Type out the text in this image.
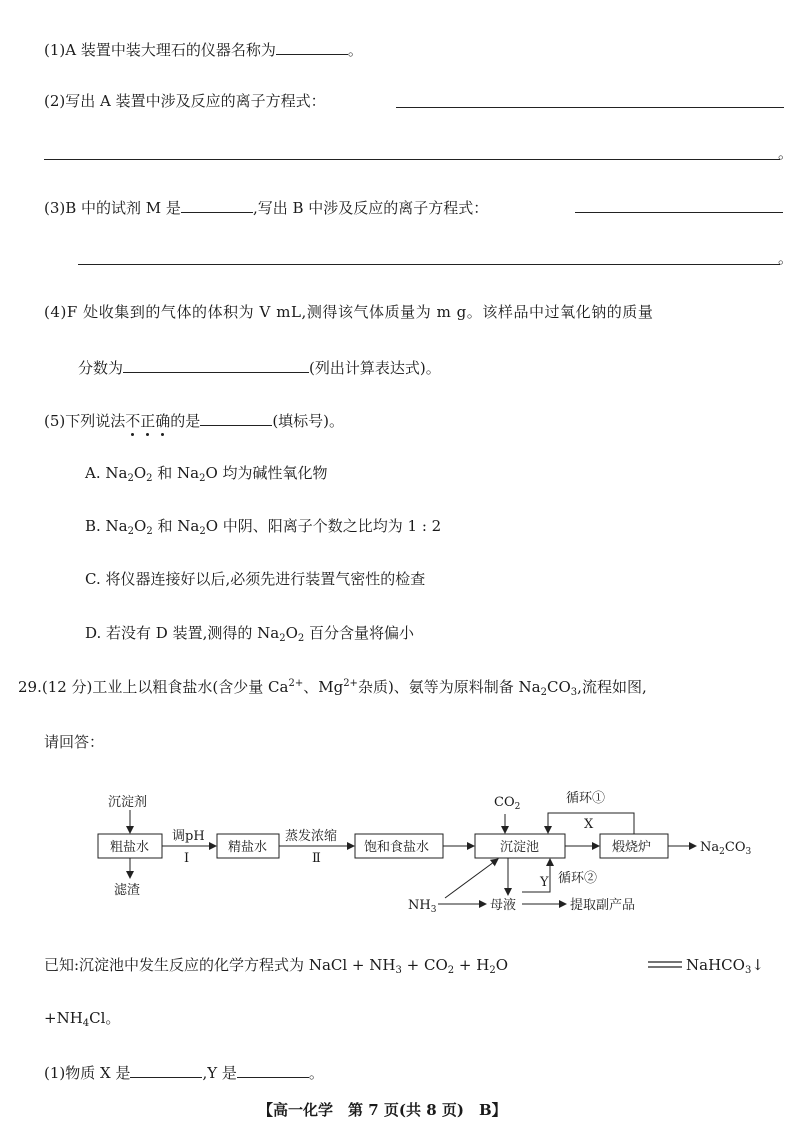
(1)A 装置中装大理石的仪器名称为	。
(2)写出 A 装置中涉及反应的离子方程式：
。
(3)B 中的试剂 M 是	,写出 B 中涉及反应的离子方程式：
。
(4)F 处收集到的气体的体积为 V mL,测得该气体质量为 m g。该样品中过氧化钠的质量
分数为	(列出计算表达式)。
(5)下列说法不正确的是	(填标号)。
A. $Na_2O_2$ 和 $Na_2O$ 均为碱性氧化物
B. $Na_2O_2$ 和 $Na_2O$ 中阴、阳离子个数之比均为 1 : 2
C. 将仪器连接好以后,必须先进行装置气密性的检查
D. 若没有 D 装置,测得的 $Na_2O_2$ 百分含量将偏小
29.(12 分)工业上以粗食盐水(含少量 $Ca^{2+}$、$Mg^{2+}$杂质)、氨等为原料制备 $Na_2CO_3$,流程如图,
请回答：
沉淀剂
粗盐水
滤渣
调pH
Ⅰ
精盐水
蒸发浓缩
Ⅱ
饱和食盐水
$CO_2$
沉淀池
循环①
X
煅烧炉	$Na_2CO_3$
$NH_3$	母液
Y 循环②
提取副产品
已知:沉淀池中发生反应的化学方程式为 NaCl + $NH_3 + CO_2 + H_2O$	NaHCO$_3$↓
$+NH_4Cl$。
(1)物质 X 是	,Y 是	。
【高一化学　第 7 页(共 8 页)　B】
